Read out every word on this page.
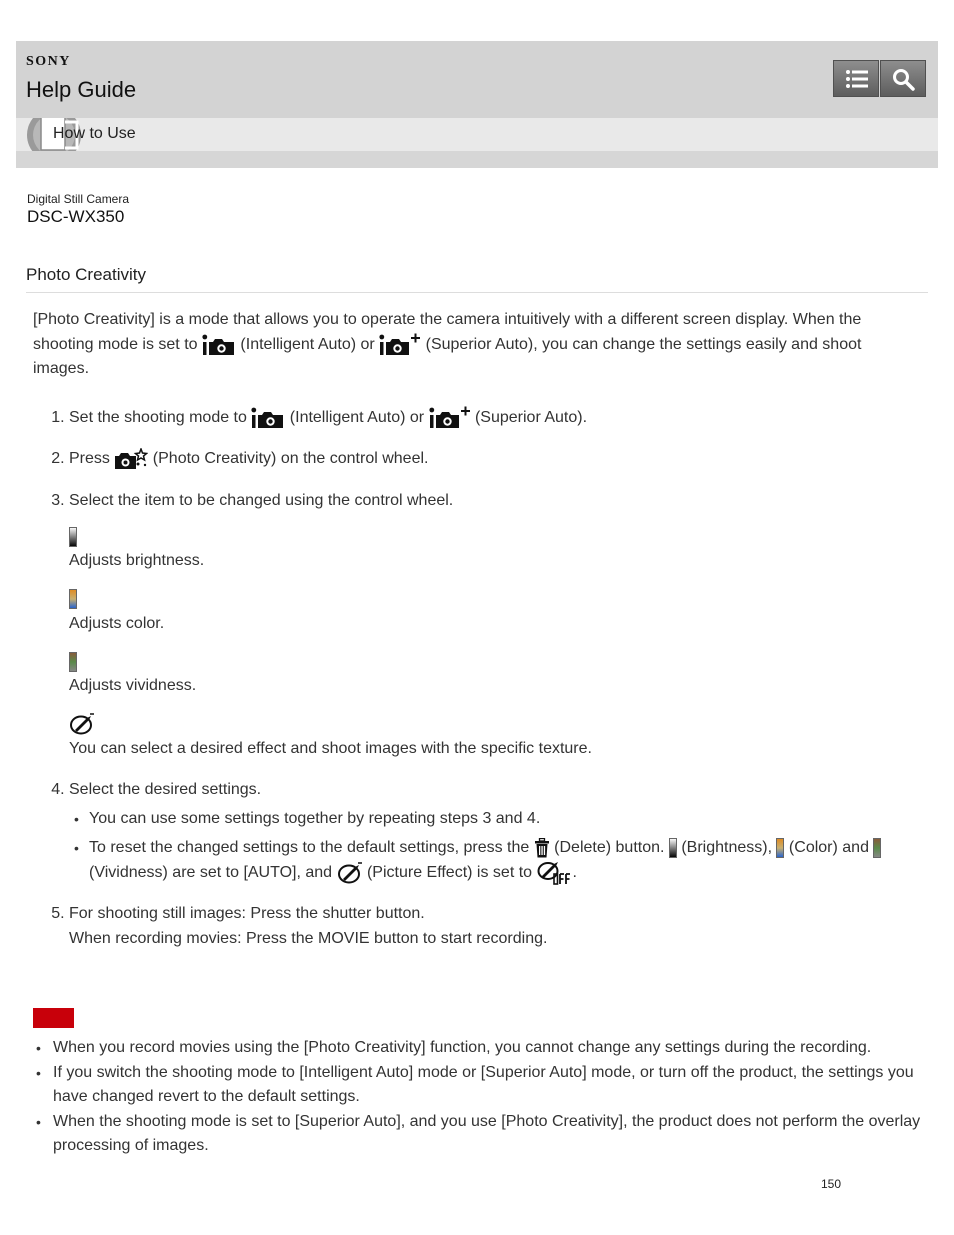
SONY
Help Guide
How to Use
Digital Still Camera
DSC-WX350
Photo Creativity

[Photo Creativity] is a mode that allows you to operate the camera intuitively with a different screen display. When the shooting mode is set to  (Intelligent Auto) or	(Superior Auto), you can change the settings easily and shoot images.

1. Set the shooting mode to  (Intelligent Auto) or	(Superior Auto).
2. Press  (Photo Creativity) on the control wheel.
3. Select the item to be changed using the control wheel.
Adjusts brightness.
Adjusts color.
Adjusts vividness.
You can select a desired effect and shoot images with the specific texture.
4. Select the desired settings.
• You can use some settings together by repeating steps 3 and 4.
• To reset the changed settings to the default settings, press the  (Delete) button.  (Brightness),  (Color) and  (Vividness) are set to [AUTO], and  (Picture Effect) is set to .
5. For shooting still images: Press the shutter button.
When recording movies: Press the MOVIE button to start recording.
• When you record movies using the [Photo Creativity] function, you cannot change any settings during the recording.
• If you switch the shooting mode to [Intelligent Auto] mode or [Superior Auto] mode, or turn off the product, the settings you have changed revert to the default settings.
• When the shooting mode is set to [Superior Auto], and you use [Photo Creativity], the product does not perform the overlay processing of images.
150
